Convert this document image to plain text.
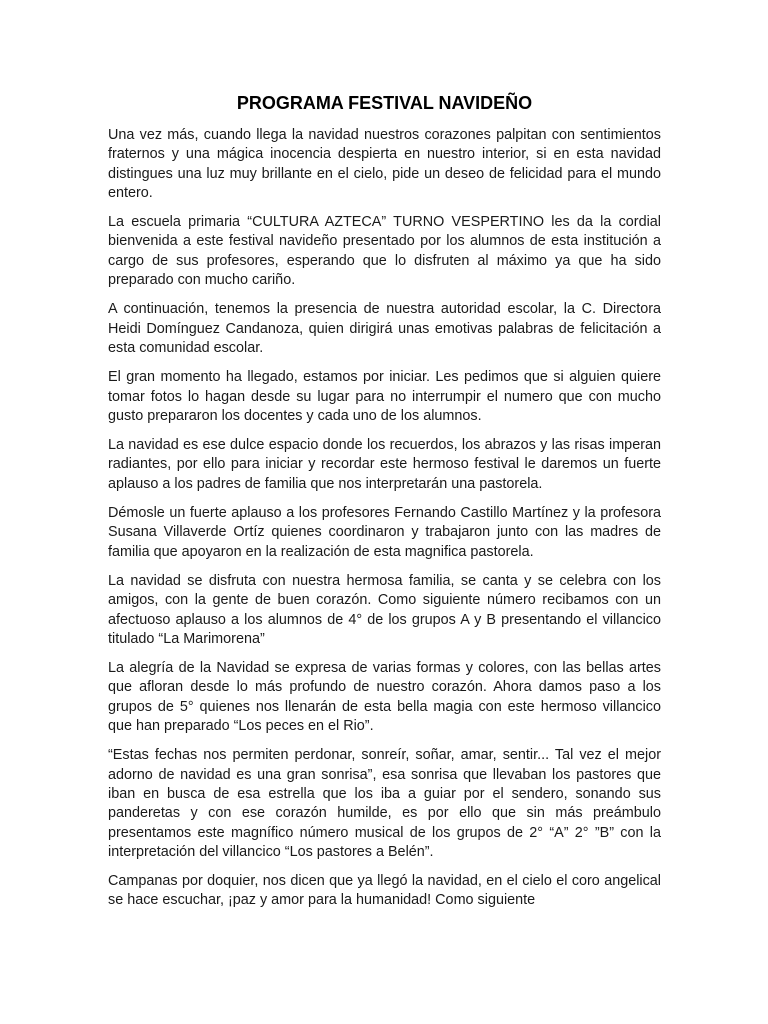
PROGRAMA FESTIVAL NAVIDEÑO

Una vez más, cuando llega la navidad nuestros corazones palpitan con sentimientos fraternos y una mágica inocencia despierta en nuestro interior, si en esta navidad distingues una luz muy brillante en el cielo, pide un deseo de felicidad para el mundo entero.

La escuela primaria “CULTURA AZTECA” TURNO VESPERTINO les da la cordial bienvenida a este festival navideño presentado por los alumnos de esta institución a cargo de sus profesores, esperando que lo disfruten al máximo ya que ha sido preparado con mucho cariño.

A continuación, tenemos la presencia de nuestra autoridad escolar, la C. Directora Heidi Domínguez Candanoza, quien dirigirá unas emotivas palabras de felicitación a esta comunidad escolar.

El gran momento ha llegado, estamos por iniciar. Les pedimos que si alguien quiere tomar fotos lo hagan desde su lugar para no interrumpir el numero que con mucho gusto prepararon los docentes y cada uno de los alumnos.

La navidad es ese dulce espacio donde los recuerdos, los abrazos y las risas imperan radiantes, por ello para iniciar y recordar este hermoso festival le daremos un fuerte aplauso a los padres de familia que nos interpretarán una pastorela.

Démosle un fuerte aplauso a los profesores Fernando Castillo Martínez y la profesora Susana Villaverde Ortíz quienes coordinaron y trabajaron junto con las madres de familia que apoyaron en la realización de esta magnifica pastorela.

La navidad se disfruta con nuestra hermosa familia, se canta y se celebra con los amigos, con la gente de buen corazón. Como siguiente número recibamos con un afectuoso aplauso a los alumnos de 4° de los grupos A y B presentando el villancico titulado “La Marimorena”

La alegría de la Navidad se expresa de varias formas y colores, con las bellas artes que afloran desde lo más profundo de nuestro corazón. Ahora damos paso a los grupos de 5° quienes nos llenarán de esta bella magia con este hermoso villancico que han preparado “Los peces en el Rio”.

“Estas fechas nos permiten perdonar, sonreír, soñar, amar, sentir... Tal vez el mejor adorno de navidad es una gran sonrisa”, esa sonrisa que llevaban los pastores que iban en busca de esa estrella que los iba a guiar por el sendero, sonando sus panderetas y con ese corazón humilde, es por ello que sin más preámbulo presentamos este magnífico número musical de los grupos de 2° “A” 2° ”B” con la interpretación del villancico “Los pastores a Belén”.

Campanas por doquier, nos dicen que ya llegó la navidad, en el cielo el coro angelical se hace escuchar, ¡paz y amor para la humanidad! Como siguiente
